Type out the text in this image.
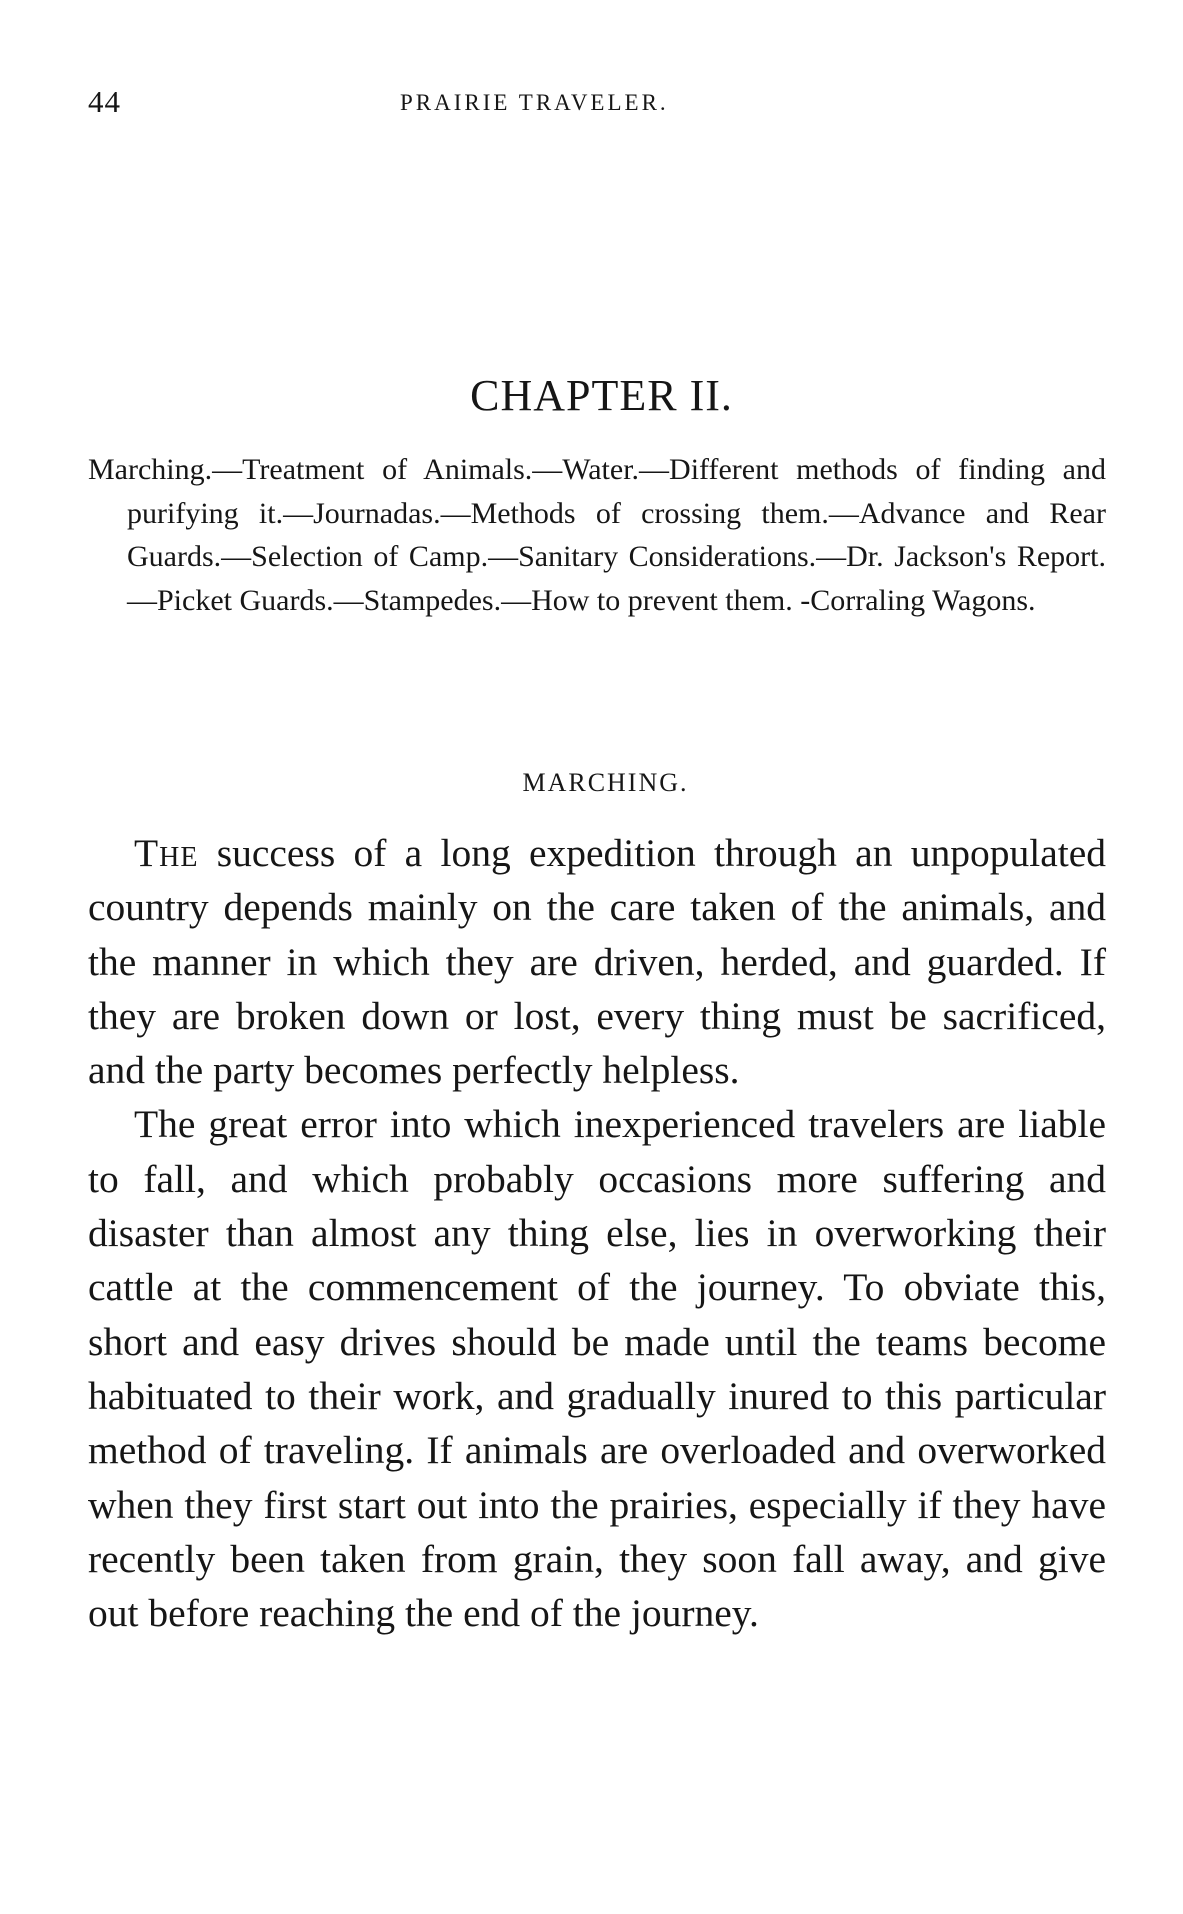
44	PRAIRIE TRAVELER.
CHAPTER II.
Marching.—Treatment of Animals.—Water.—Different methods of finding and purifying it.—Journadas.—Methods of crossing them.—Advance and Rear Guards.—Selection of Camp.—Sanitary Considerations.—Dr. Jackson's Report.—Picket Guards.—Stampedes.—How to prevent them. -Corraling Wagons.
MARCHING.

The success of a long expedition through an unpopulated country depends mainly on the care taken of the animals, and the manner in which they are driven, herded, and guarded. If they are broken down or lost, every thing must be sacrificed, and the party becomes perfectly helpless.

The great error into which inexperienced travelers are liable to fall, and which probably occasions more suffering and disaster than almost any thing else, lies in overworking their cattle at the commencement of the journey. To obviate this, short and easy drives should be made until the teams become habituated to their work, and gradually inured to this particular method of traveling. If animals are overloaded and overworked when they first start out into the prairies, especially if they have recently been taken from grain, they soon fall away, and give out before reaching the end of the journey.
